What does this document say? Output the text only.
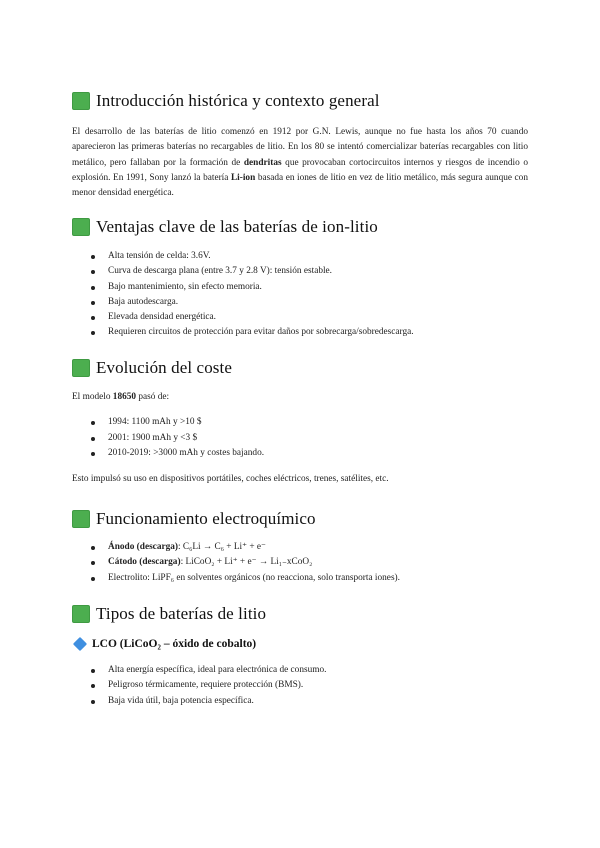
Introducción histórica y contexto general

El desarrollo de las baterías de litio comenzó en 1912 por G.N. Lewis, aunque no fue hasta los años 70 cuando aparecieron las primeras baterías no recargables de litio. En los 80 se intentó comercializar baterías recargables con litio metálico, pero fallaban por la formación de dendritas que provocaban cortocircuitos internos y riesgos de incendio o explosión. En 1991, Sony lanzó la batería Li-ion basada en iones de litio en vez de litio metálico, más segura aunque con menor densidad energética.

Ventajas clave de las baterías de ion-litio
Alta tensión de celda: 3.6V.
Curva de descarga plana (entre 3.7 y 2.8 V): tensión estable.
Bajo mantenimiento, sin efecto memoria.
Baja autodescarga.
Elevada densidad energética.
Requieren circuitos de protección para evitar daños por sobrecarga/sobredescarga.
Evolución del coste

El modelo 18650 pasó de:

1994: 1100 mAh y >10 $
2001: 1900 mAh y <3 $
2010-2019: >3000 mAh y costes bajando.

Esto impulsó su uso en dispositivos portátiles, coches eléctricos, trenes, satélites, etc.

Funcionamiento electroquímico
Ánodo (descarga): C₆Li → C₆ + Li⁺ + e⁻
Cátodo (descarga): LiCoO₂ + Li⁺ + e⁻ → Li₁₋xCoO₂
Electrolito: LiPF₆ en solventes orgánicos (no reacciona, solo transporta iones).
Tipos de baterías de litio
LCO (LiCoO₂ – óxido de cobalto)
Alta energía específica, ideal para electrónica de consumo.
Peligroso térmicamente, requiere protección (BMS).
Baja vida útil, baja potencia específica.
